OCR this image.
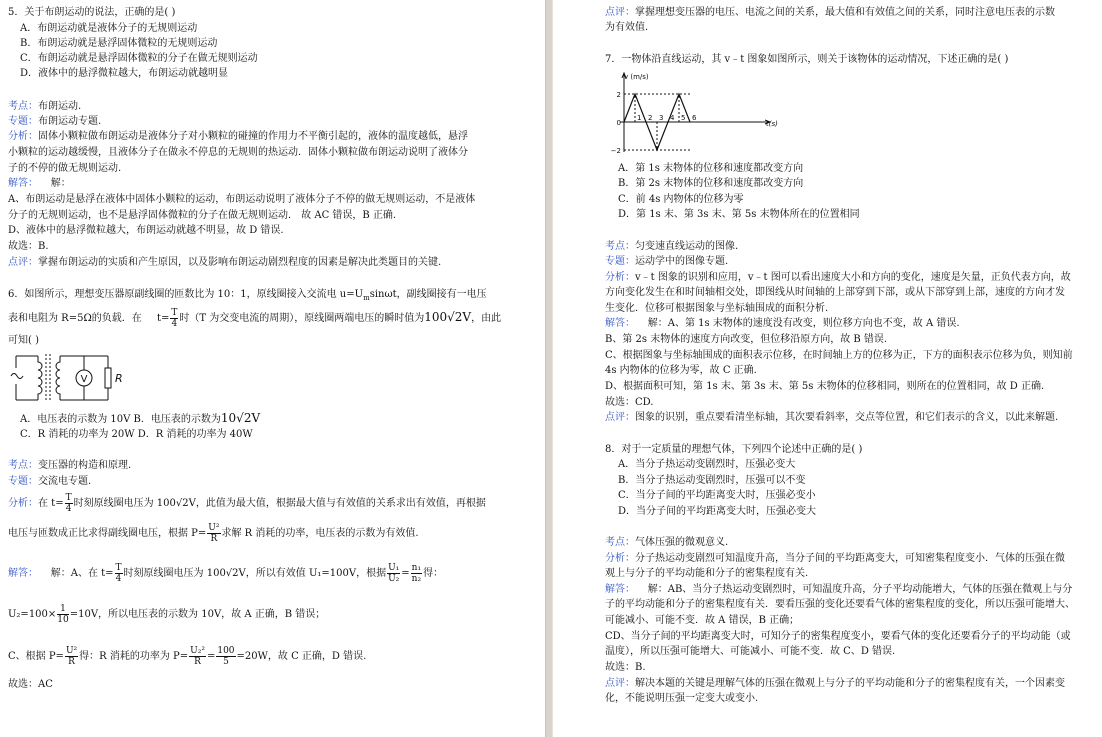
5．关于布朗运动的说法，正确的是( )
A．布朗运动就是液体分子的无规则运动
B．布朗运动就是悬浮固体微粒的无规则运动
C．布朗运动就是悬浮固体微粒的分子在做无规则运动
D．液体中的悬浮微粒越大，布朗运动就越明显
考点：布朗运动.
专题：布朗运动专题.
分析：固体小颗粒做布朗运动是液体分子对小颗粒的碰撞的作用力不平衡引起的，液体的温度越低，悬浮
小颗粒的运动越缓慢，且液体分子在做永不停息的无规则的热运动．固体小颗粒做布朗运动说明了液体分
子的不停的做无规则运动.
解答： 解：
A、布朗运动是悬浮在液体中固体小颗粒的运动，布朗运动说明了液体分子不停的做无规则运动，不是液体
分子的无规则运动，也不是悬浮固体微粒的分子在做无规则运动． 故 AC 错误，B 正确.
D、液体中的悬浮微粒越大，布朗运动就越不明显，故 D 错误.
故选：B.
点评：掌握布朗运动的实质和产生原因，以及影响布朗运动剧烈程度的因素是解决此类题目的关键.
6．如图所示，理想变压器原副线圈的匝数比为 10：1，原线圈接入交流电 $u=U_m\sin\omega t$，副线圈接有一电压
表和电阻为 R=5Ω的负载．在 $t= \frac{T}{4}$ 时（T 为交变电流的周期），原线圈两端电压的瞬时值为100√2V，由此
可知( )
V	R
A．电压表的示数为 10V B．电压表的示数为10√2V
C．R 消耗的功率为 20W D．R 消耗的功率为 40W
考点：变压器的构造和原理.
专题：交流电专题.
分析：在 $t= \frac{T}{4}$ 时刻原线圈电压为 100√2V，此值为最大值，根据最大值与有效值的关系求出有效值，再根据
电压与匝数成正比求得副线圈电压，根据 $P= \frac{\text{U²}}{R}$ 求解 R 消耗的功率，电压表的示数为有效值.
解答： 解：A、在 $t= \frac{T}{4}$ 时刻原线圈电压为 100√2V，所以有效值 U₁=100V，根据 $\frac{\text{U₁}}{\text{U₂}} = \frac{\text{n₁}}{\text{n₂}}$ 得：
$U_2=100\times \frac{1}{10} =10V$，所以电压表的示数为 10V，故 A 正确，B 错误；
C、根据 $P= \frac{\text{U²}}{R}$ 得：R 消耗的功率为 $P= \frac{\text{U₂²}}{R} = \frac{100}{5} =20W$，故 C 正确，D 错误.
故选：AC
点评：掌握理想变压器的电压、电流之间的关系，最大值和有效值之间的关系，同时注意电压表的示数
为有效值.
7．一物体沿直线运动，其 v﹣t 图象如图所示，则关于该物体的运动情况，下述正确的是( )
v (m/s)
t(s)
2
0
−2
1 2 3 4 5 6
A．第 1s 末物体的位移和速度都改变方向
B．第 2s 末物体的位移和速度都改变方向
C．前 4s 内物体的位移为零
D．第 1s 末、第 3s 末、第 5s 末物体所在的位置相同
考点：匀变速直线运动的图像.
专题：运动学中的图像专题.
分析：v﹣t 图象的识别和应用，v﹣t 图可以看出速度大小和方向的变化，速度是矢量，正负代表方向，故
方向变化发生在和时间轴相交处，即图线从时间轴的上部穿到下部，或从下部穿到上部，速度的方向才发
生变化．位移可根据图象与坐标轴围成的面积分析.
解答： 解：A、第 1s 末物体的速度没有改变，则位移方向也不变，故 A 错误.
B、第 2s 末物体的速度方向改变，但位移沿原方向，故 B 错误.
C、根据图象与坐标轴围成的面积表示位移，在时间轴上方的位移为正，下方的面积表示位移为负，则知前
4s 内物体的位移为零，故 C 正确.
D、根据面积可知，第 1s 末、第 3s 末、第 5s 末物体的位移相同，则所在的位置相同，故 D 正确.
故选：CD.
点评：图象的识别，重点要看清坐标轴，其次要看斜率，交点等位置，和它们表示的含义，以此来解题.
8．对于一定质量的理想气体，下列四个论述中正确的是( )
A．当分子热运动变剧烈时，压强必变大
B．当分子热运动变剧烈时，压强可以不变
C．当分子间的平均距离变大时，压强必变小
D．当分子间的平均距离变大时，压强必变大
考点：气体压强的微观意义.
分析：分子热运动变剧烈可知温度升高，当分子间的平均距离变大，可知密集程度变小．气体的压强在微
观上与分子的平均动能和分子的密集程度有关.
解答： 解：AB、当分子热运动变剧烈时，可知温度升高，分子平均动能增大，气体的压强在微观上与分
子的平均动能和分子的密集程度有关．要看压强的变化还要看气体的密集程度的变化，所以压强可能增大、
可能减小、可能不变．故 A 错误，B 正确；
CD、当分子间的平均距离变大时，可知分子的密集程度变小，要看气体的变化还要看分子的平均动能（或
温度），所以压强可能增大、可能减小、可能不变．故 C、D 错误.
故选：B.
点评：解决本题的关键是理解气体的压强在微观上与分子的平均动能和分子的密集程度有关，一个因素变
化，不能说明压强一定变大或变小.
